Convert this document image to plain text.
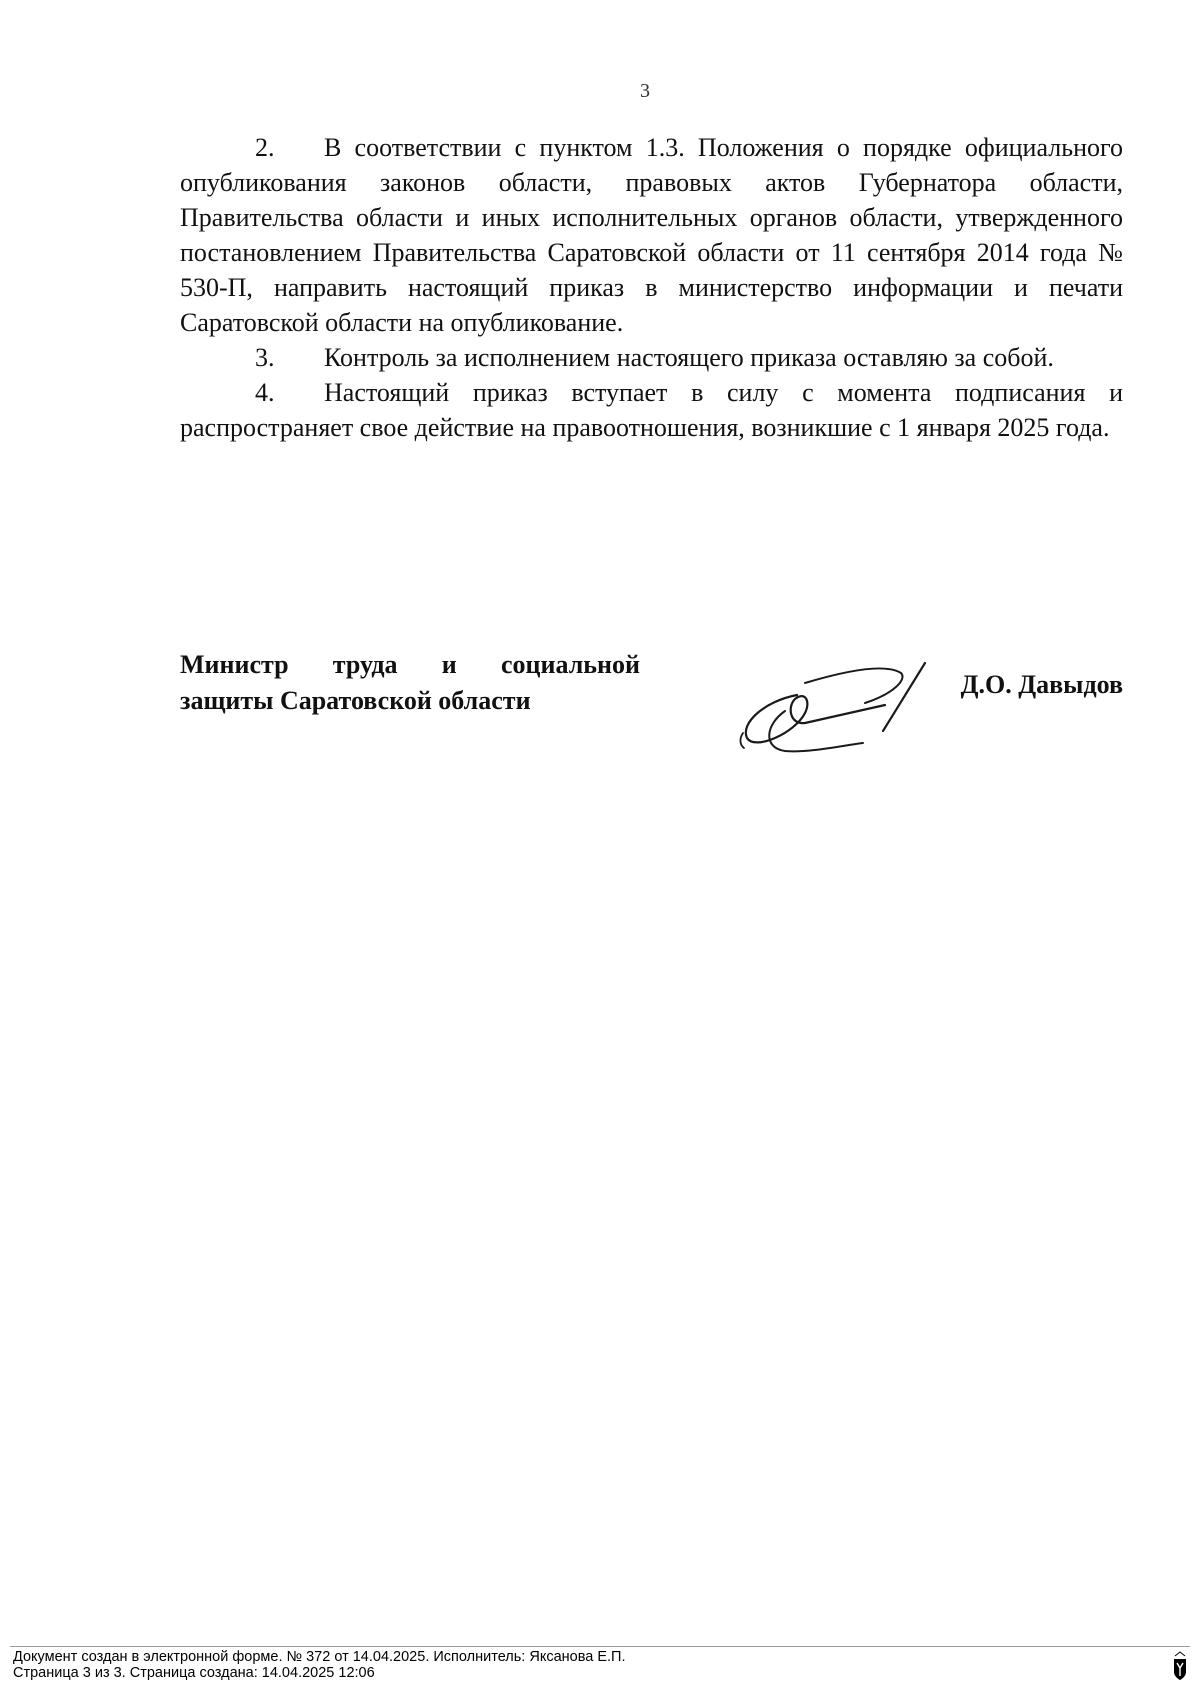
3

2. В соответствии с пунктом 1.3. Положения о порядке официального опубликования законов области, правовых актов Губернатора области, Правительства области и иных исполнительных органов области, утвержденного постановлением Правительства Саратовской области от 11 сентября 2014 года № 530-П, направить настоящий приказ в министерство информации и печати Саратовской области на опубликование.

3. Контроль за исполнением настоящего приказа оставляю за собой.

4. Настоящий приказ вступает в силу с момента подписания и распространяет свое действие на правоотношения, возникшие с 1 января 2025 года.

Министр труда и социальной
защиты Саратовской области
Д.О. Давыдов
Документ создан в электронной форме. № 372 от 14.04.2025. Исполнитель: Яксанова Е.П.
Страница 3 из 3. Страница создана: 14.04.2025 12:06
